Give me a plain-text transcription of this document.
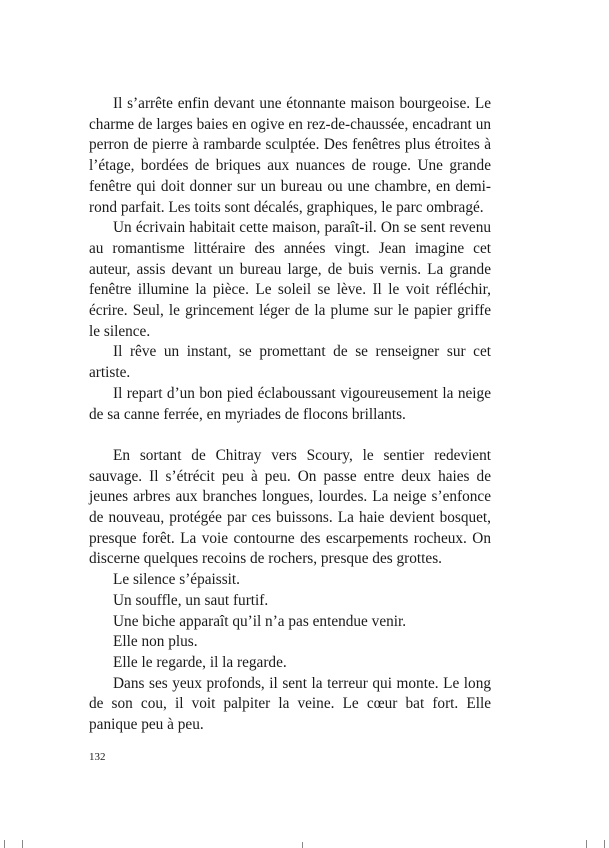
Il s’arrête enfin devant une étonnante maison bourgeoise. Le charme de larges baies en ogive en rez-de-chaussée, encadrant un perron de pierre à rambarde sculptée. Des fenêtres plus étroites à l’étage, bordées de briques aux nuances de rouge. Une grande fenêtre qui doit donner sur un bureau ou une chambre, en demi-rond parfait. Les toits sont décalés, graphiques, le parc ombragé.

Un écrivain habitait cette maison, paraît-il. On se sent revenu au romantisme littéraire des années vingt. Jean imagine cet auteur, assis devant un bureau large, de buis vernis. La grande fenêtre illumine la pièce. Le soleil se lève. Il le voit réfléchir, écrire. Seul, le grincement léger de la plume sur le papier griffe le silence.

Il rêve un instant, se promettant de se renseigner sur cet artiste.

Il repart d’un bon pied éclaboussant vigoureusement la neige de sa canne ferrée, en myriades de flocons brillants.

En sortant de Chitray vers Scoury, le sentier redevient sauvage. Il s’étrécit peu à peu. On passe entre deux haies de jeunes arbres aux branches longues, lourdes. La neige s’enfonce de nouveau, protégée par ces buissons. La haie devient bosquet, presque forêt. La voie contourne des escarpements rocheux. On discerne quelques recoins de rochers, presque des grottes.

Le silence s’épaissit.

Un souffle, un saut furtif.

Une biche apparaît qu’il n’a pas entendue venir.

Elle non plus.

Elle le regarde, il la regarde.

Dans ses yeux profonds, il sent la terreur qui monte. Le long de son cou, il voit palpiter la veine. Le cœur bat fort. Elle panique peu à peu.

132
